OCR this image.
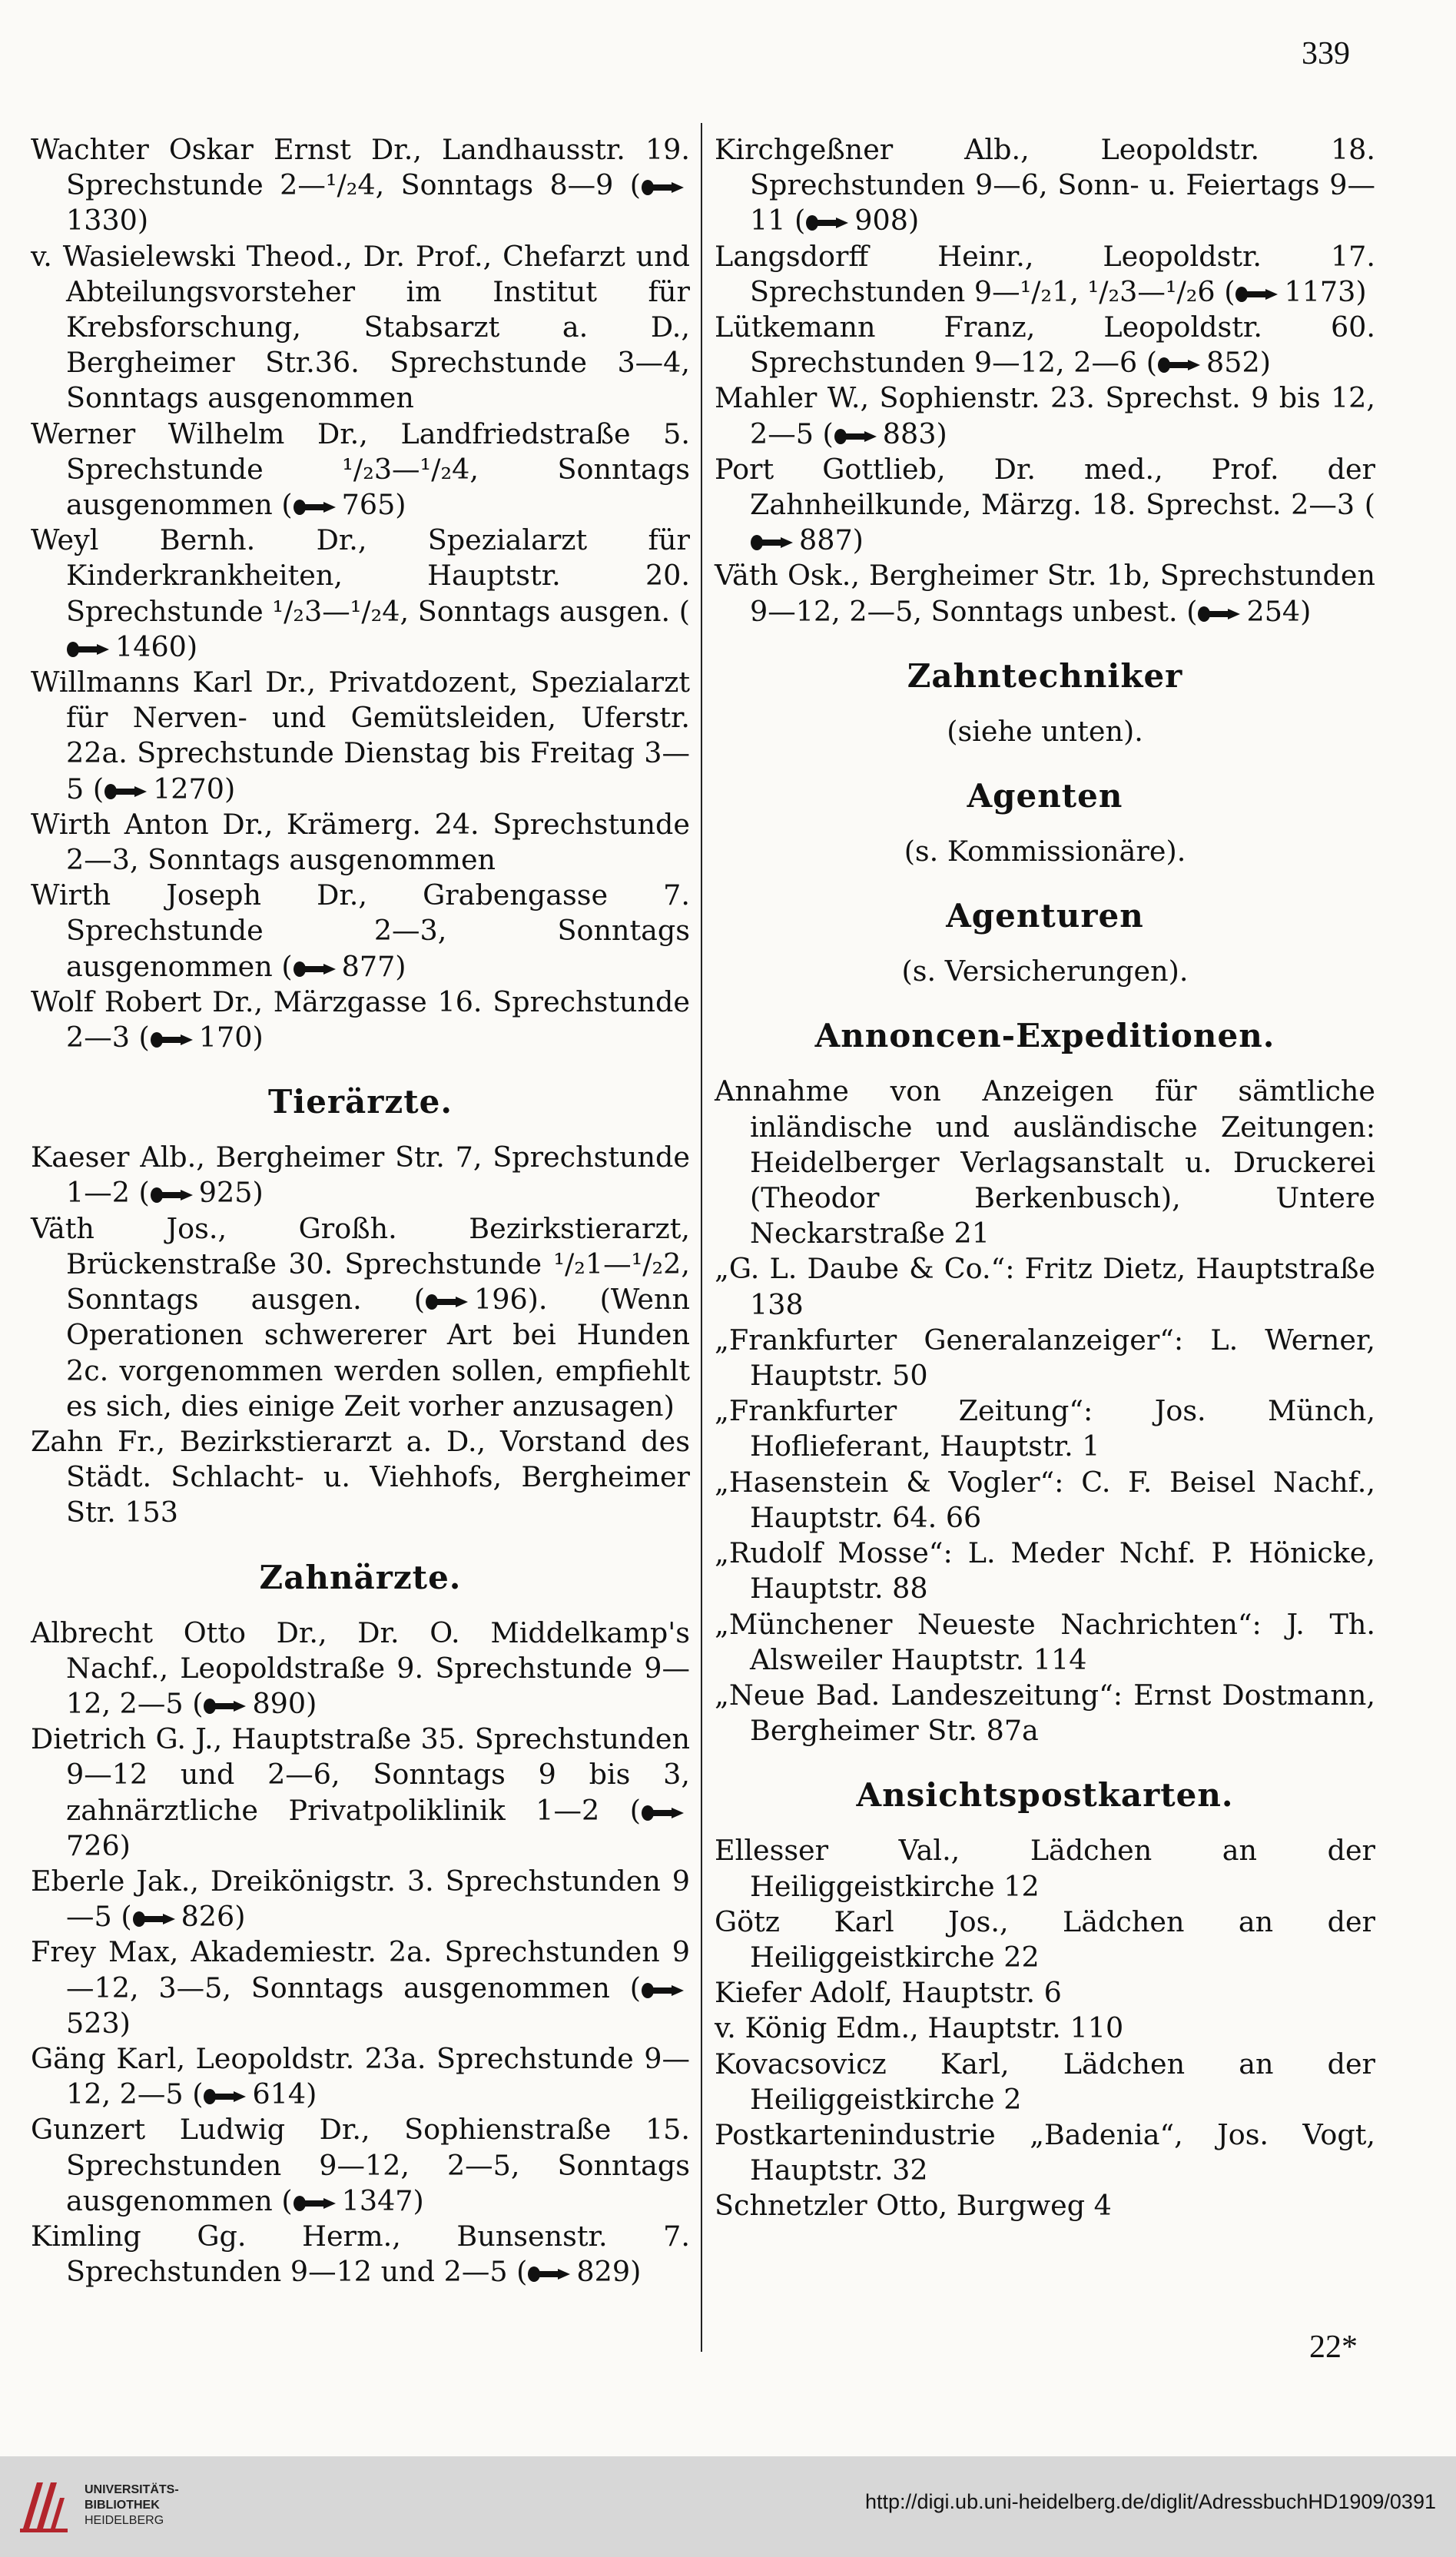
339
Wachter Oskar Ernst Dr., Landhausstr. 19. Sprechstunde 2—¹/₂4, Sonntags 8—9 (1330)
v. Wasielewski Theod., Dr. Prof., Chefarzt und Abteilungsvorsteher im Institut für Krebsforschung, Stabsarzt a. D., Bergheimer Str.36. Sprechstunde 3—4, Sonntags ausgenommen
Werner Wilhelm Dr., Landfriedstraße 5. Sprechstunde ¹/₂3—¹/₂4, Sonntags ausgenommen ( 765)
Weyl Bernh. Dr., Spezialarzt für Kinderkrankheiten, Hauptstr. 20. Sprechstunde ¹/₂3—¹/₂4, Sonntags ausgen. (1460)
Willmanns Karl Dr., Privatdozent, Spezialarzt für Nerven- und Gemütsleiden, Uferstr. 22a. Sprechstunde Dienstag bis Freitag 3—5 ( 1270)
Wirth Anton Dr., Krämerg. 24. Sprechstunde 2—3, Sonntags ausgenommen
Wirth Joseph Dr., Grabengasse 7. Sprechstunde 2—3, Sonntags ausgenommen ( 877)
Wolf Robert Dr., Märzgasse 16. Sprechstunde 2—3 ( 170)
Tierärzte.
Kaeser Alb., Bergheimer Str. 7, Sprechstunde 1—2 ( 925)
Väth Jos., Großh. Bezirkstierarzt, Brückenstraße 30. Sprechstunde ¹/₂1—¹/₂2, Sonntags ausgen. ( 196). (Wenn Operationen schwererer Art bei Hunden 2c. vorgenommen werden sollen, empfiehlt es sich, dies einige Zeit vorher anzusagen)
Zahn Fr., Bezirkstierarzt a. D., Vorstand des Städt. Schlacht- u. Viehhofs, Bergheimer Str. 153
Zahnärzte.
Albrecht Otto Dr., Dr. O. Middelkamp's Nachf., Leopoldstraße 9. Sprechstunde 9—12, 2—5 ( 890)
Dietrich G. J., Hauptstraße 35. Sprechstunden 9—12 und 2—6, Sonntags 9 bis 3, zahnärztliche Privatpoliklinik 1—2 (726)
Eberle Jak., Dreikönigstr. 3. Sprechstunden 9—5 ( 826)
Frey Max, Akademiestr. 2a. Sprechstunden 9—12, 3—5, Sonntags ausgenommen (523)
Gäng Karl, Leopoldstr. 23a. Sprechstunde 9—12, 2—5 ( 614)
Gunzert Ludwig Dr., Sophienstraße 15. Sprechstunden 9—12, 2—5, Sonntags ausgenommen ( 1347)
Kimling Gg. Herm., Bunsenstr. 7. Sprechstunden 9—12 und 2—5 ( 829)
Kirchgeßner Alb., Leopoldstr. 18. Sprechstunden 9—6, Sonn- u. Feiertags 9—11 ( 908)
Langsdorff Heinr., Leopoldstr. 17. Sprechstunden 9—¹/₂1, ¹/₂3—¹/₂6 ( 1173)
Lütkemann Franz, Leopoldstr. 60. Sprechstunden 9—12, 2—6 ( 852)
Mahler W., Sophienstr. 23. Sprechst. 9 bis 12, 2—5 ( 883)
Port Gottlieb, Dr. med., Prof. der Zahnheilkunde, Märzg. 18. Sprechst. 2—3 (887)
Väth Osk., Bergheimer Str. 1b, Sprechstunden 9—12, 2—5, Sonntags unbest. ( 254)
Zahntechniker
(siehe unten).
Agenten
(s. Kommissionäre).
Agenturen
(s. Versicherungen).
Annoncen-Expeditionen.
Annahme von Anzeigen für sämtliche inländische und ausländische Zeitungen: Heidelberger Verlagsanstalt u. Druckerei (Theodor Berkenbusch), Untere Neckarstraße 21
„G. L. Daube & Co.“: Fritz Dietz, Hauptstraße 138
„Frankfurter Generalanzeiger“: L. Werner, Hauptstr. 50
„Frankfurter Zeitung“: Jos. Münch, Hoflieferant, Hauptstr. 1
„Hasenstein & Vogler“: C. F. Beisel Nachf., Hauptstr. 64. 66
„Rudolf Mosse“: L. Meder Nchf. P. Hönicke, Hauptstr. 88
„Münchener Neueste Nachrichten“: J. Th. Alsweiler Hauptstr. 114
„Neue Bad. Landeszeitung“: Ernst Dostmann, Bergheimer Str. 87a
Ansichtspostkarten.
Ellesser Val., Lädchen an der Heiliggeistkirche 12
Götz Karl Jos., Lädchen an der Heiliggeistkirche 22
Kiefer Adolf, Hauptstr. 6
v. König Edm., Hauptstr. 110
Kovacsovicz Karl, Lädchen an der Heiliggeistkirche 2
Postkartenindustrie „Badenia“, Jos. Vogt, Hauptstr. 32
Schnetzler Otto, Burgweg 4
22*
UNIVERSITÄTS-
BIBLIOTHEK
HEIDELBERG
http://digi.ub.uni-heidelberg.de/diglit/AdressbuchHD1909/0391
